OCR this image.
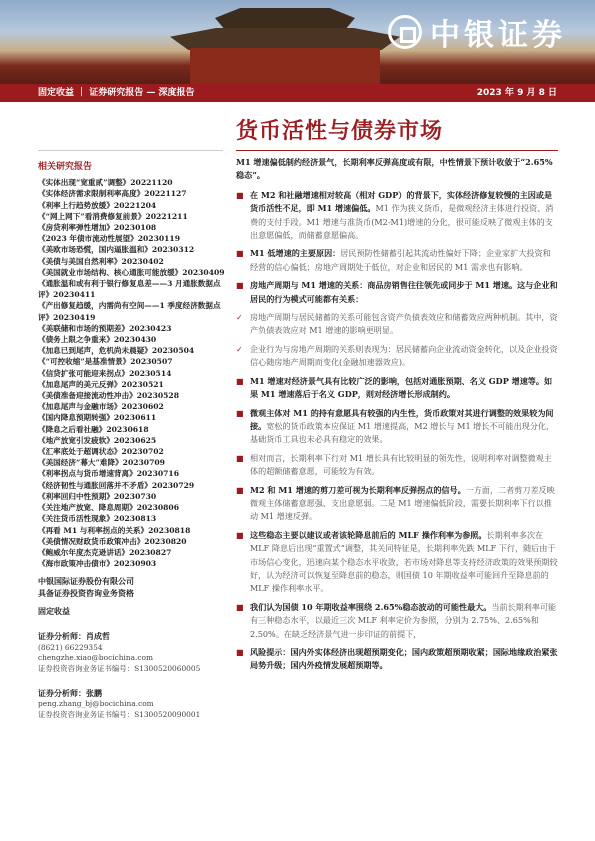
中银证券
固定收益 ｜ 证券研究报告 — 深度报告	2023 年 9 月 8 日
货币活性与债券市场
相关研究报告
《实体出现“宽重贰”调整》20221120
《实体经济需求限制利率高度》20221127
《利率上行趋势放缓》20221204
《“网上网下”看消费修复前景》20221211
《房贷利率弹性增加》20230108
《2023 年债市流动性展望》20230119
《美欧市场恐慌，国内逼胀温和》20230312
《美债与美国自然利率》20230402
《美国就业市场结构、核心通胀可能放缓》20230409
《通胀温和或有利于银行修复息差——3 月通胀数据点评》20230411
《产出修复趋缓，内需尚有空间——1 季度经济数据点评》20230419
《美联储和市场的预期差》20230423
《债务上限之争重来》20230430
《加息已到尾声，危机尚未晨疑》20230504
《“可控收缩”是基准情景》20230507
《信贷扩张可能迎来拐点》20230514
《加息尾声的美元反弹》20230521
《美债准备迎接流动性冲击》20230528
《加息尾声与金融市场》20230602
《国内降息预期转强》20230611
《降息之后看社融》20230618
《地产放宽引发疲软》20230625
《汇率底处于超调状态》20230702
《美国经济“幕大”难降》20230709
《利率拐点与货币增速背离》20230716
《经济韧性与通胀回落并不矛盾》20230729
《利率回归中性预期》20230730
《关注地产放宽、降息周期》20230806
《关注货币活性现象》20230813
《再看 M1 与利率拐点的关系》20230818
《美债情况财政货币政策冲击》20230820
《鲍威尔年度杰克逊讲话》20230827
《海市政策冲击债市》20230903
中银国际证券股份有限公司
具备证券投资咨询业务资格
固定收益
证券分析师：肖成哲
(8621) 66229354
chengzhe.xiao@bocichina.com
证券投资咨询业务证书编号：S1300520060005
证券分析师：张鹏
peng.zhang_bj@bocichina.com
证券投资咨询业务证书编号：S1300520090001
M1 增速偏低制约经济景气，长期利率反弹高度或有限，中性情景下预计收敛于“2.65%稳态”。
■ 在 M2 和社融增速相对较高（相对 GDP）的背景下，实体经济修复较慢的主因或是货币活性不足，即 M1 增速偏低。M1 作为狭义货币，是微观经济主体进行投资、消费的支付手段。M1 增速与准货币(M2-M1)增速的分化，很可能反映了微观主体的支出意愿偏低，而储蓄意愿偏高。
■ M1 低增速的主要原因：居民预防性储蓄引起其流动性偏好下降；企业家扩大投资和经营的信心偏低；房地产周期处于低位，对企业和居民的 M1 需求也有影响。
■ 房地产周期与 M1 增速的关系：商品房销售往往领先或同步于 M1 增速。这与企业和居民的行为模式可能都有关系：
✓ 房地产周期与居民储蓄的关系可能包含资产负债表效应和储蓄效应两种机制。其中，资产负债表效应对 M1 增速的影响更明显。
✓ 企业行为与房地产周期的关系则表现为：居民储蓄向企业流动资金转化，以及企业投资信心随房地产周期而变化(金融加速器效应)。
■ M1 增速对经济景气具有比较广泛的影响，包括对通胀预期、名义 GDP 增速等。如果 M1 增速落后于名义 GDP，则对经济增长形成制约。
■ 微观主体对 M1 的持有意愿具有较强的内生性，货币政策对其进行调整的效果较为间接。宽松的货币政策本应保证 M1 增速提高，M2 增长与 M1 增长不可能出现分化，基础货币工具也未必具有稳定的效果。
■ 相对而言，长期利率下行对 M1 增长具有比较明显的领先性，说明利率对调整微观主体的超额储蓄意愿，可能较为有效。
■ M2 和 M1 增速的剪刀差可视为长期利率反弹拐点的信号。一方面，二者剪刀差反映微观主体储蓄意愿强、支出意愿弱。二是 M1 增速偏低阶段，需要长期利率下行以推动 M1 增速反弹。
■ 这些稳态主要以建议或者该轮降息前后的 MLF 操作利率为参照。长期利率多次在 MLF 降息后出现“重置式”调整，其关同特征是，长期利率先跌 MLF 下行，随后由于市场信心变化，迅速向某个稳态水平收敛，若市场对降息等支持经济政策的效果预期较好，认为经济可以恢复至降息前的稳态，则国债 10 年期收益率可能回升至降息前的 MLF 操作利率水平。
■ 我们认为国债 10 年期收益率围绕 2.65%稳态波动的可能性最大。当前长期利率可能有三种稳态水平，以最近三次 MLF 利率定价为参照，分别为 2.75%、2.65%和 2.50%。在缺乏经济景气进一步印证的前提下，
■ 风险提示：国内外实体经济出现超预期变化；国内政策超预期收紧；国际地缘政治紧张局势升级；国内外疫情发展超预期等。
